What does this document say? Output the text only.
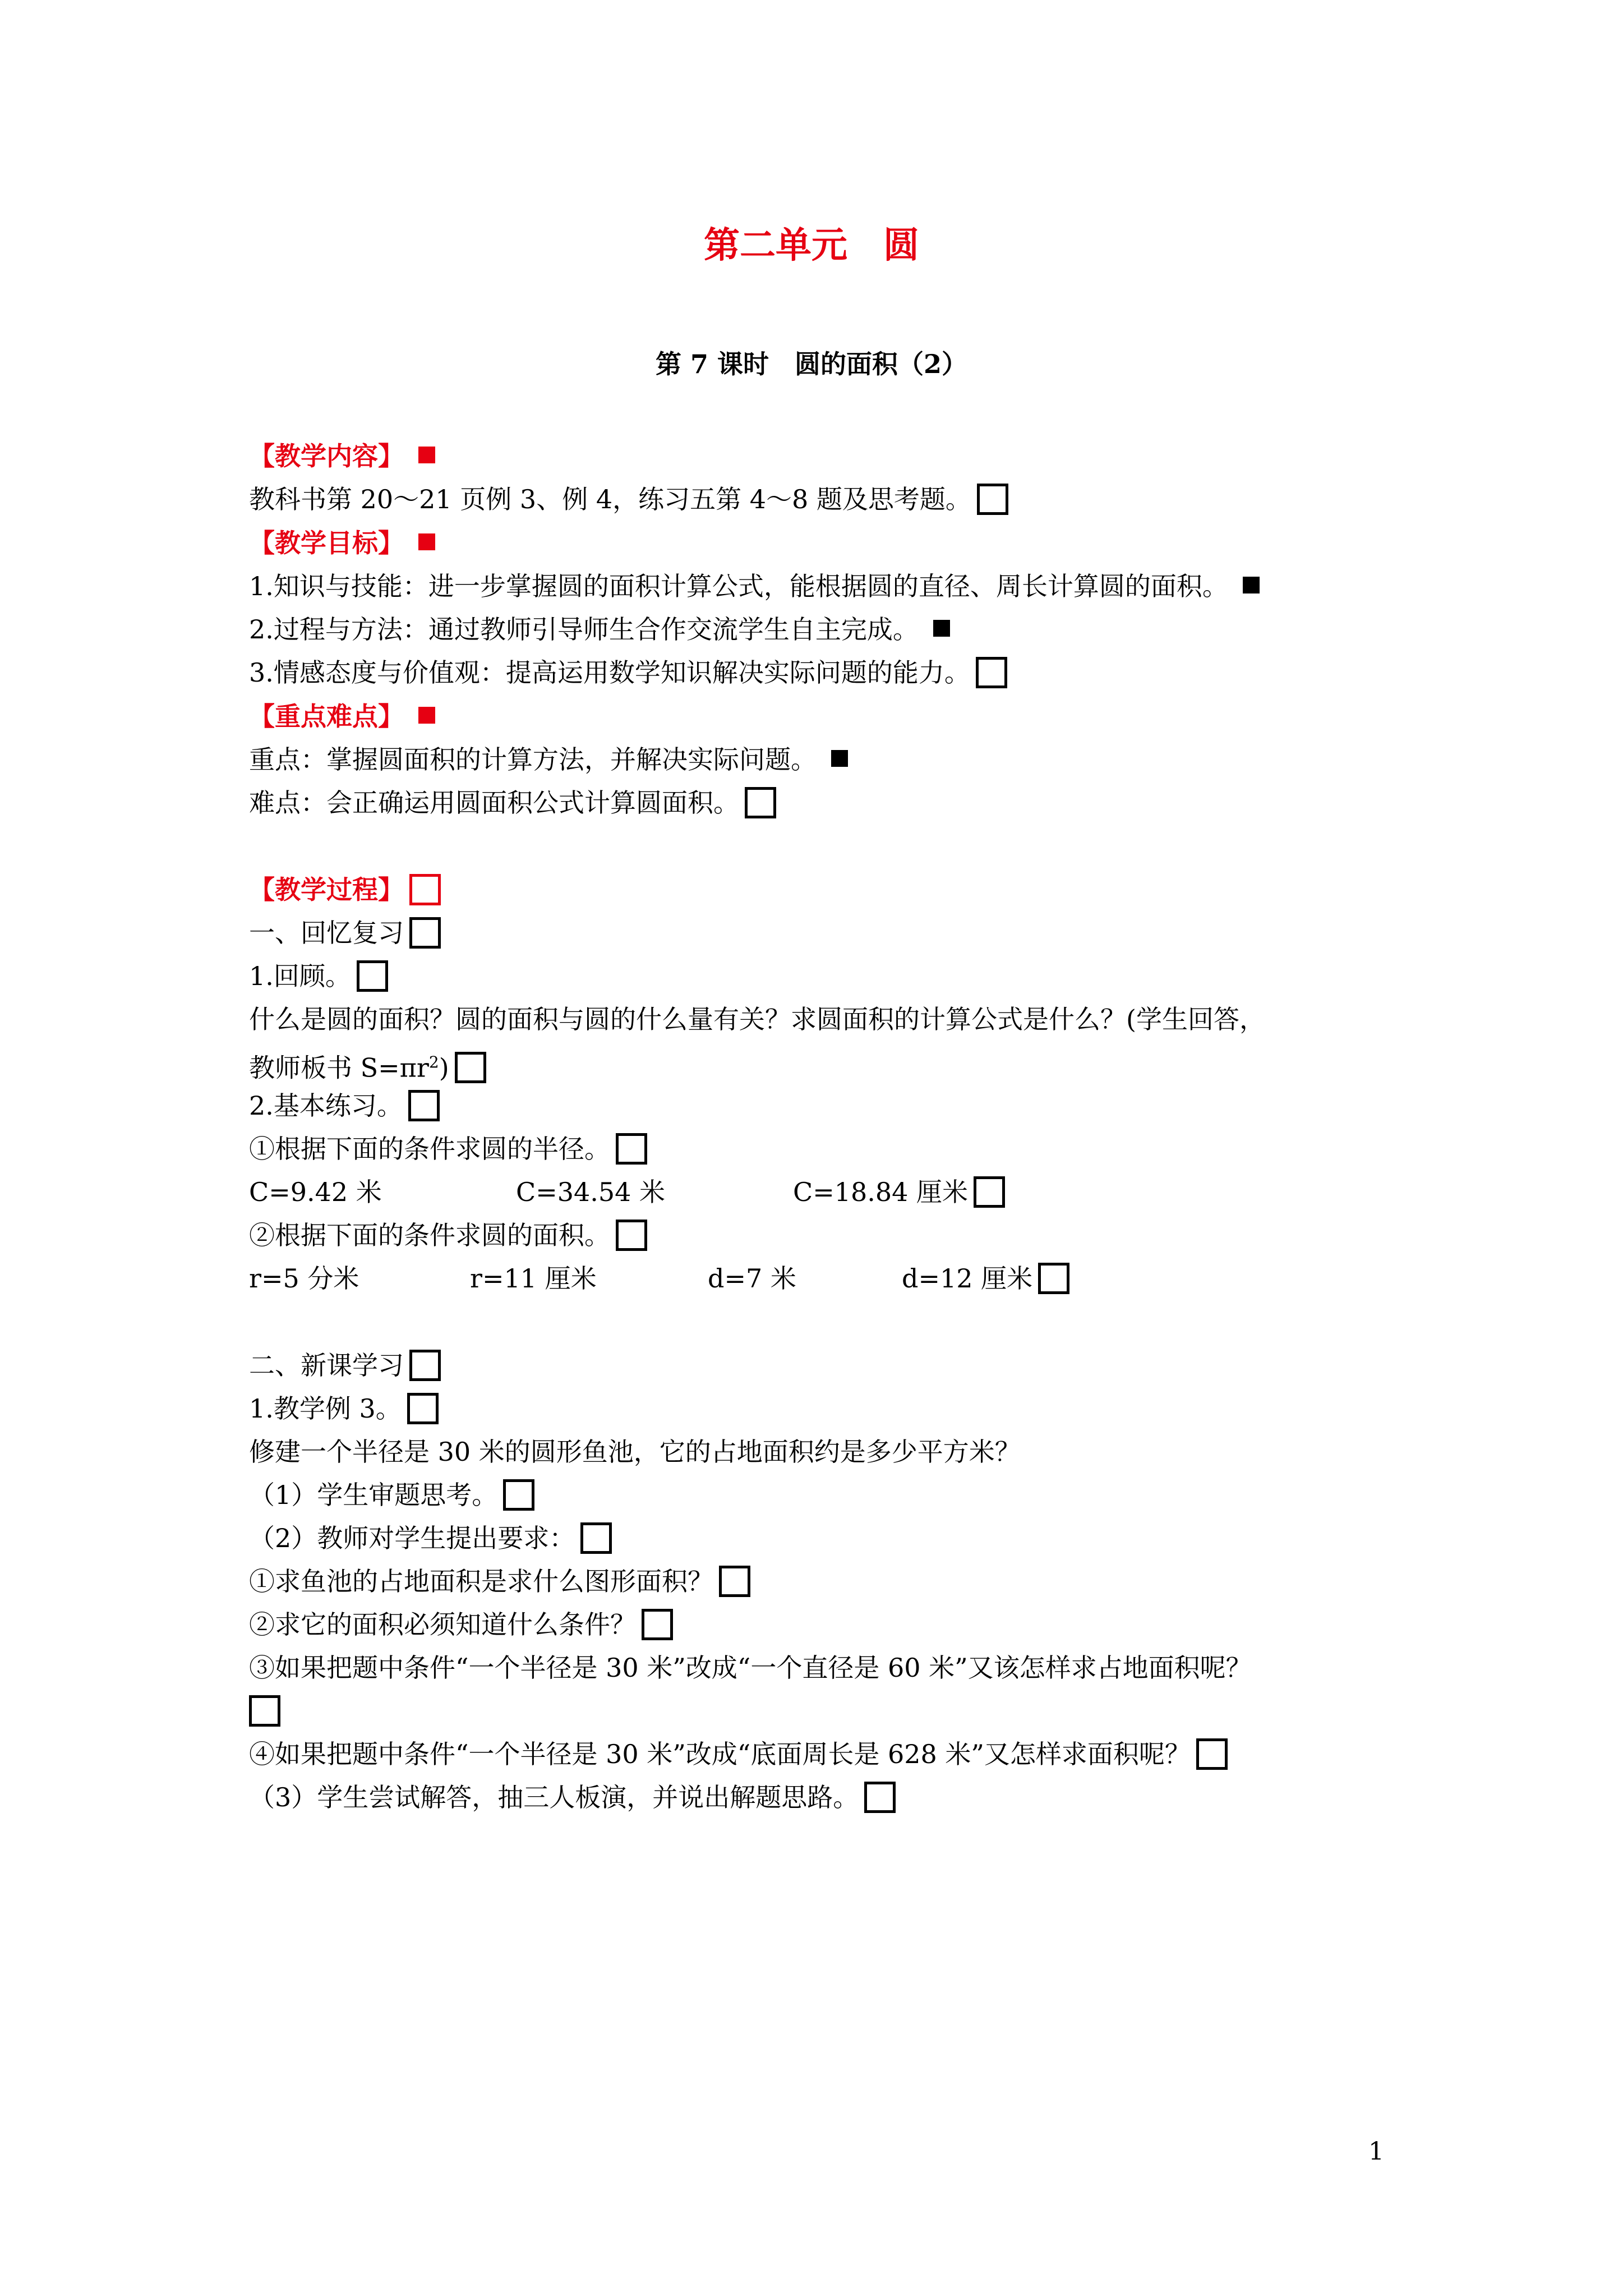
第二单元　圆
第 7 课时　圆的面积（2）
【教学内容】
教科书第 20～21 页例 3、例 4，练习五第 4～8 题及思考题。
【教学目标】
1.知识与技能：进一步掌握圆的面积计算公式，能根据圆的直径、周长计算圆的面积。
2.过程与方法：通过教师引导师生合作交流学生自主完成。
3.情感态度与价值观：提高运用数学知识解决实际问题的能力。
【重点难点】
重点：掌握圆面积的计算方法，并解决实际问题。
难点：会正确运用圆面积公式计算圆面积。
【教学过程】
一、回忆复习
1.回顾。
什么是圆的面积？圆的面积与圆的什么量有关？求圆面积的计算公式是什么？(学生回答，
教师板书 $S=\pi r^2$)
2.基本练习。
①根据下面的条件求圆的半径。
C=9.42 米	C=34.54 米	C=18.84 厘米
②根据下面的条件求圆的面积。
r=5 分米	r=11 厘米	d=7 米	d=12 厘米
二、新课学习
1.教学例 3。
修建一个半径是 30 米的圆形鱼池，它的占地面积约是多少平方米？
（1）学生审题思考。
（2）教师对学生提出要求：
①求鱼池的占地面积是求什么图形面积？
②求它的面积必须知道什么条件？
③如果把题中条件“一个半径是 30 米”改成“一个直径是 60 米”又该怎样求占地面积呢？
④如果把题中条件“一个半径是 30 米”改成“底面周长是 628 米”又怎样求面积呢？
（3）学生尝试解答，抽三人板演，并说出解题思路。
1
